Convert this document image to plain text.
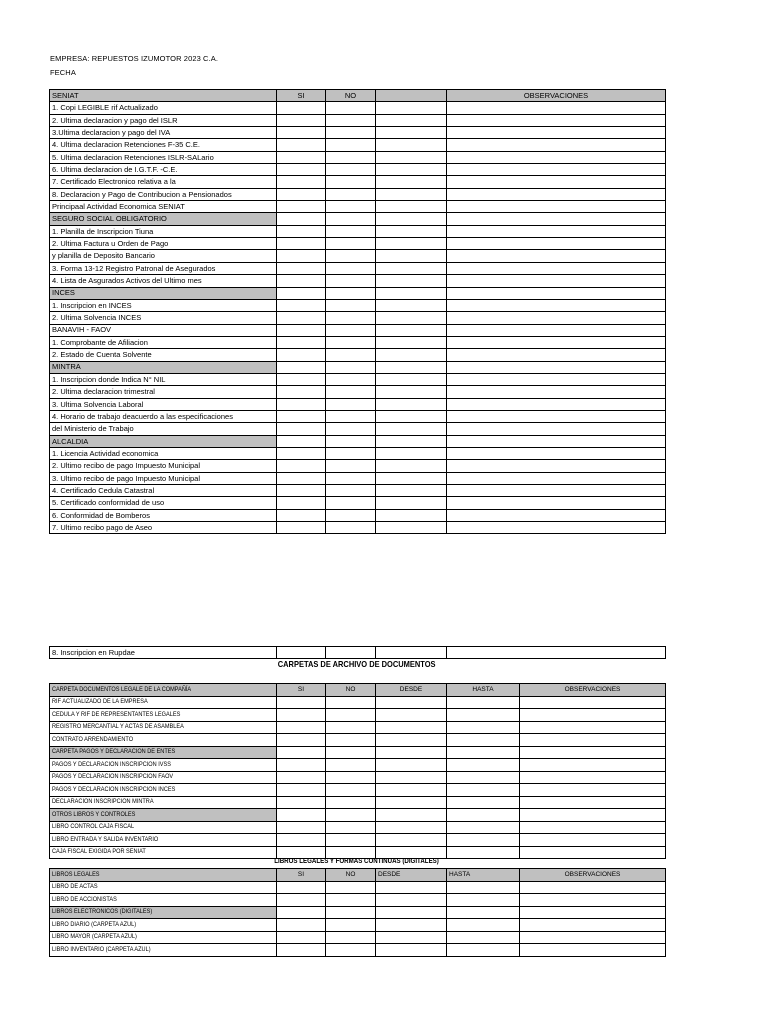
EMPRESA: REPUESTOS IZUMOTOR 2023 C.A.
FECHA
SENIAT	SI	NO		OBSERVACIONES
1. Copi LEGIBLE rif Actualizado				
2. Ultima declaracion y pago del ISLR				
3.Ultima declaracion y pago del IVA				
4. Ultima declaracion Retenciones F-35 C.E.				
5. Ultima declaracion Retenciones ISLR-SALario				
6. Ultima declaracion de I.G.T.F. -C.E.				
7. Certificado Electronico relativa a la				
8. Declaracion y Pago de Contribucion a Pensionados				
Principaal Actividad Economica SENIAT				
SEGURO SOCIAL OBLIGATORIO				
1. Planilla de Inscripcion Tiuna				
2. Ultima Factura u Orden de Pago				
y planilla de Deposito Bancario				
3. Forma 13-12 Registro Patronal de Asegurados				
4. Lista de Asgurados Activos del Ultimo mes				
INCES				
1. Inscripcion en INCES				
2. Ultima Solvencia INCES				
BANAVIH - FAOV				
1. Comprobante de Afiliacion				
2. Estado de Cuenta Solvente				
MINTRA				
1. Inscripcion donde Indica N° NIL				
2. Ultima declaracion trimestral				
3. Ultima Solvencia Laboral				
4. Horario de trabajo deacuerdo a las especificaciones				
del Ministerio de Trabajo				
ALCALDIA				
1. Licencia Actividad economica				
2. Ultimo recibo de pago Impuesto Municipal				
3. Ultimo recibo de pago Impuesto Municipal				
4. Certificado Cedula Catastral				
5. Certificado conformidad de uso				
6. Conformidad de Bomberos				
7. Ultimo recibo pago de Aseo				
8. Inscripcion en Rupdae				
CARPETAS DE ARCHIVO DE DOCUMENTOS
CARPETA DOCUMENTOS LEGALE DE LA COMPAÑÍA	SI	NO	DESDE	HASTA	OBSERVACIONES
RIF ACTUALIZADO DE LA EMPRESA					
CEDULA Y RIF DE REPRESENTANTES LEGALES					
REGISTRO MERCANTIAL Y ACTAS DE ASAMBLEA					
CONTRATO ARRENDAMIENTO					
CARPETA PAGOS Y DECLARACION DE ENTES					
PAGOS Y DECLARACION INSCRIPCION IVSS					
PAGOS Y DECLARACION INSCRIPCION FAOV					
PAGOS Y DECLARACION INSCRIPCION INCES					
DECLARACION INSCRIPCION MINTRA					
OTROS LIBROS Y CONTROLES					
LIBRO CONTROL CAJA FISCAL					
LIBRO ENTRADA Y SALIDA INVENTARIO					
CAJA FISCAL EXIGIDA POR SENIAT					
LIBROS LEGALES Y FORMAS CONTINUAS (DIGITALES)
LIBROS LEGALES	SI	NO	DESDE	HASTA	OBSERVACIONES
LIBRO DE ACTAS					
LIBRO DE ACCIONISTAS					
LIBROS ELECTRONICOS (DIGITALES)					
LIBRO DIARIO (CARPETA AZUL)					
LIBRO MAYOR (CARPETA AZUL)					
LIBRO INVENTARIO (CARPETA AZUL)					
